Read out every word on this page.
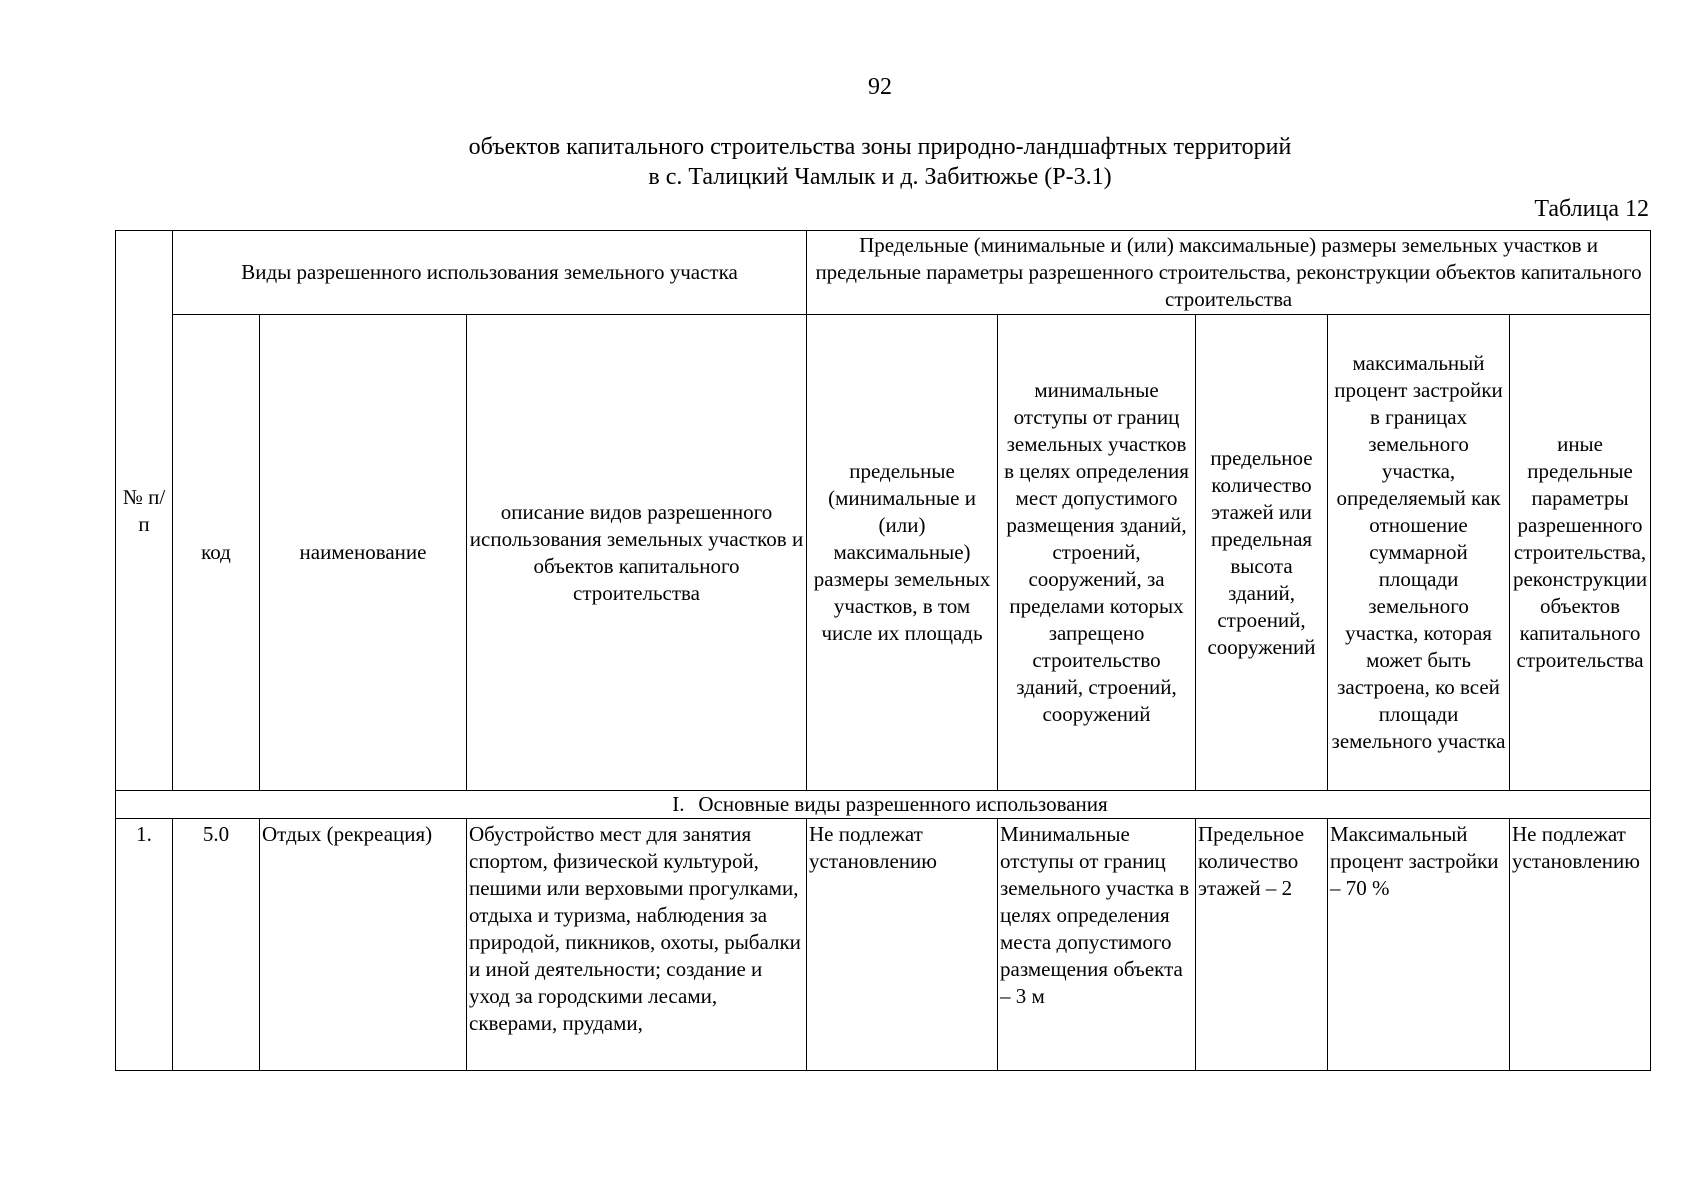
92
объектов капитального строительства зоны природно-ландшафтных территорий
в с. Талицкий Чамлык и д. Забитюжье (Р-3.1)
Таблица 12
№ п/п	Виды разрешенного использования земельного участка			Предельные (минимальные и (или) максимальные) размеры земельных участков и предельные параметры разрешенного строительства, реконструкции объектов капитального строительства				
	код	наименование	описание видов разрешенного использования земельных участков и объектов капитального строительства	предельные (минимальные и (или) максимальные) размеры земельных участков, в том числе их площадь	минимальные отступы от границ земельных участков в целях определения мест допустимого размещения зданий, строений, сооружений, за пределами которых запрещено строительство зданий, строений, сооружений	предельное количество этажей или предельная высота зданий, строений, сооружений	максимальный процент застройки в границах земельного участка, определяемый как отношение суммарной площади земельного участка, которая может быть застроена, ко всей площади земельного участка	иные предельные параметры разрешенного строительства, реконструкции объектов капитального строительства
I. Основные виды разрешенного использования								
1.	5.0	Отдых (рекреация)	Обустройство мест для занятия спортом, физической культурой, пешими или верховыми прогулками, отдыха и туризма, наблюдения за природой, пикников, охоты, рыбалки и иной деятельности; создание и уход за городскими лесами, скверами, прудами,	Не подлежат установлению	Минимальные отступы от границ земельного участка в целях определения места допустимого размещения объекта – 3 м	Предельное количество этажей – 2	Максимальный процент застройки – 70 %	Не подлежат установлению
